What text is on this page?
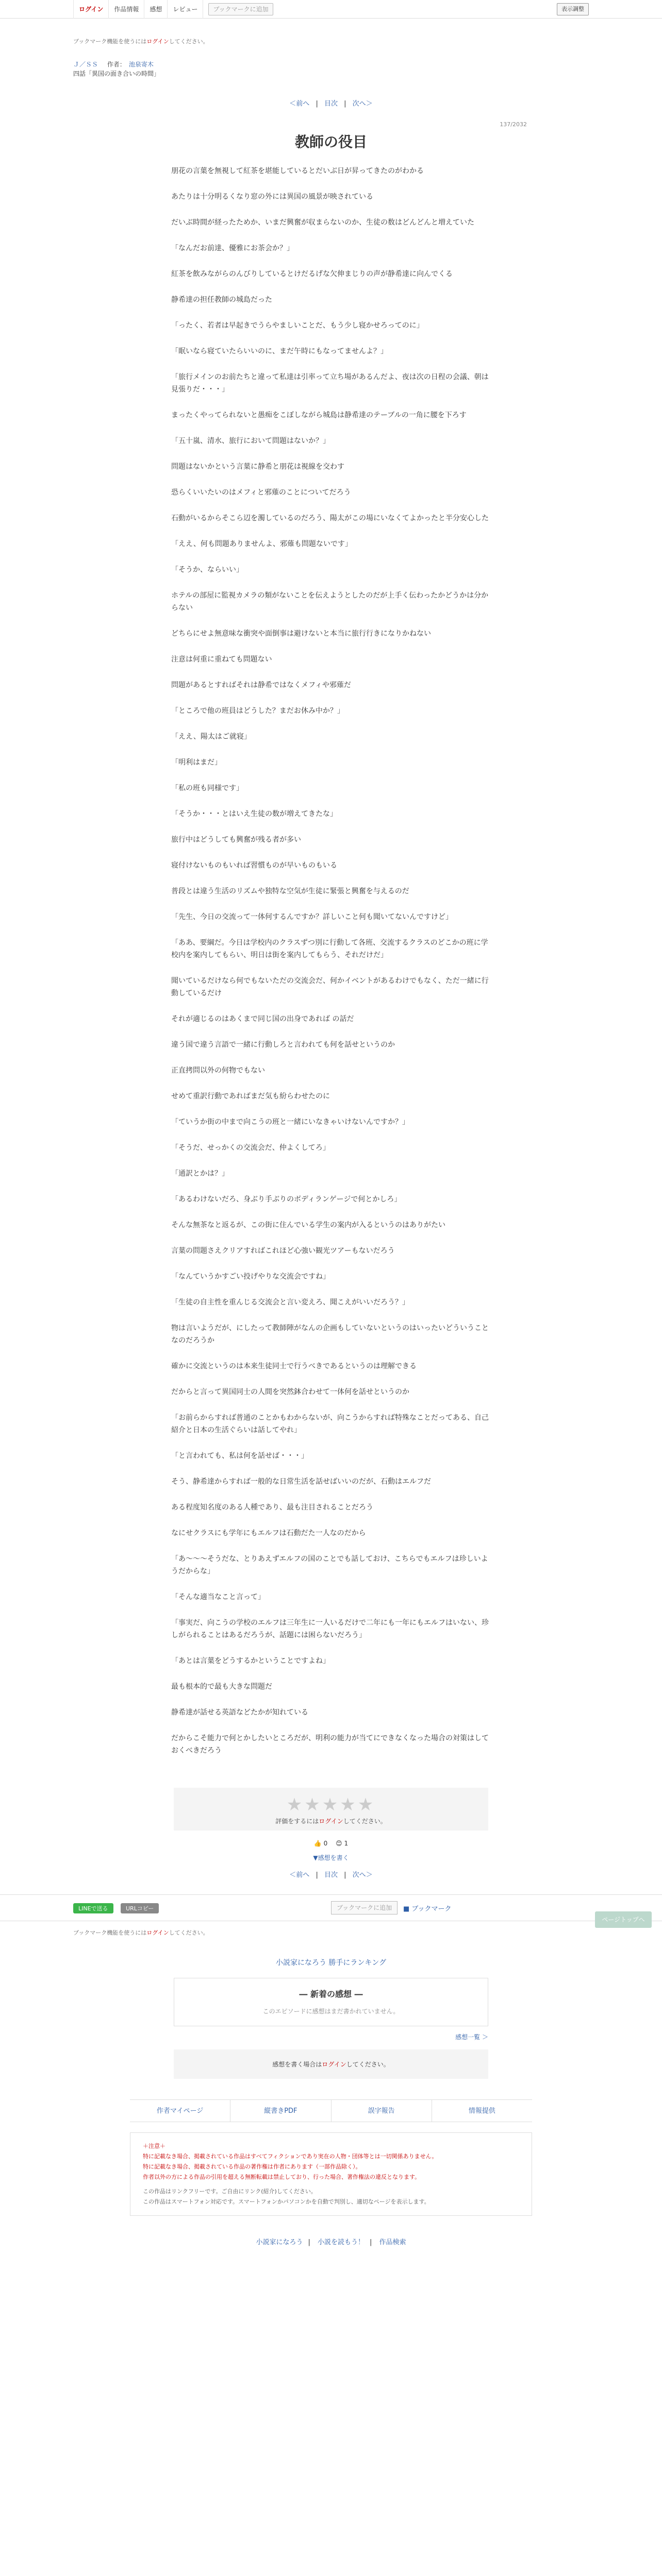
ログイン	作品情報	感想	レビュー	ブックマークに追加	表示調整
ブックマーク機能を使うにはログインしてください。
Ｊ／ＳＳ 作者： 池泉寄木
四話「異国の面き合いの時間」
＜前へ | 目次 | 次へ＞
137/2032
教師の役目

朋花の言葉を無視して紅茶を堪能しているとだいぶ日が昇ってきたのがわかる

あたりは十分明るくなり窓の外には異国の風景が映されている

だいぶ時間が経ったためか、いまだ興奮が収まらないのか、生徒の数はどんどんと増えていた

「なんだお前達、優雅にお茶会か？」

紅茶を飲みながらのんびりしているとけだるげな欠伸まじりの声が静希達に向んでくる

静希達の担任教師の城島だった

「ったく、若者は早起きでうらやましいことだ、もう少し寝かせろってのに」

「眠いなら寝ていたらいいのに、まだ午時にもなってませんよ？」

「旅行メインのお前たちと違って私達は引率って立ち場があるんだよ、夜は次の日程の会議、朝は見張りだ・・・」

まったくやってられないと愚痴をこぼしながら城島は静希達のテーブルの一角に腰を下ろす

「五十嵐、清水、旅行において問題はないか？」

問題はないかという言葉に静希と朋花は視線を交わす

恐らくいいたいのはメフィと邪薙のことについてだろう

石動がいるからそこら辺を濁しているのだろう、陽太がこの場にいなくてよかったと半分安心した

「ええ、何も問題ありませんよ、邪薙も問題ないです」

「そうか、ならいい」

ホテルの部屋に監視カメラの類がないことを伝えようとしたのだが上手く伝わったかどうかは分からない

どちらにせよ無意味な衝突や面倒事は避けないと本当に旅行行きになりかねない

注意は何重に重ねても問題ない

問題があるとすればそれは静希ではなくメフィや邪薙だ

「ところで他の班員はどうした？まだお休み中か？」

「ええ、陽太はご就寝」

「明利はまだ」

「私の班も同様です」

「そうか・・・とはいえ生徒の数が増えてきたな」

旅行中はどうしても興奮が残る者が多い

寝付けないものもいれば習慣ものが早いものもいる

普段とは違う生活のリズムや独特な空気が生徒に緊張と興奮を与えるのだ

「先生、今日の交流って一体何するんですか？詳しいこと何も聞いてないんですけど」

「ああ、要綱だ。今日は学校内のクラスずつ別に行動して各班、交流するクラスのどこかの班に学校内を案内してもらい、明日は街を案内してもらう、それだけだ」

聞いているだけなら何でもないただの交流会だ、何かイベントがあるわけでもなく、ただ一緒に行動しているだけ

それが適じるのはあくまで同じ国の出身であれば の話だ

違う国で違う言語で一緒に行動しろと言われても何を話せというのか

正直拷問以外の何物でもない

せめて重訳行動であればまだ気も紛らわせたのに

「ていうか街の中まで向こうの班と一緒にいなきゃいけないんですか？」

「そうだ、せっかくの交流会だ、仲よくしてろ」

「通訳とかは？」

「あるわけないだろ、身ぶり手ぶりのボディランゲージで何とかしろ」

そんな無茶なと返るが、この街に住んでいる学生の案内が入るというのはありがたい

言葉の問題さえクリアすればこれほど心強い観光ツアーもないだろう

「なんていうかすごい投げやりな交流会ですね」

「生徒の自主性を重んじる交流会と言い変えろ、聞こえがいいだろう？」

物は言いようだが、にしたって教師陣がなんの企画もしていないというのはいったいどういうことなのだろうか

確かに交流というのは本来生徒同士で行うべきであるというのは理解できる

だからと言って異国同士の人間を突然鉢合わせて一体何を話せというのか

「お前らからすれば普通のことかもわからないが、向こうからすれば特殊なことだってある、自己紹介と日本の生活ぐらいは話してやれ」

「と言われても、私は何を話せば・・・」

そう、静希達からすれば一般的な日常生活を話せばいいのだが、石動はエルフだ

ある程度知名度のある人種であり、最も注目されることだろう

なにせクラスにも学年にもエルフは石動だた一人なのだから

「あ～～～そうだな、とりあえずエルフの国のことでも話しておけ、こちらでもエルフは珍しいようだからな」

「そんな適当なこと言って」

「事実だ、向こうの学校のエルフは三年生に一人いるだけで二年にも一年にもエルフはいない、珍しがられることはあるだろうが、話題には困らないだろう」

「あとは言葉をどうするかということですよね」

最も根本的で最も大きな問題だ

静希達が話せる英語などたかが知れている

だからこそ能力で何とかしたいところだが、明利の能力が当てにできなくなった場合の対策はしておくべきだろう

★★★★★
評価をするにはログインしてください。
👍 0 😊 1
▼感想を書く
＜前へ | 目次 | 次へ＞
LINEで送る	URLコピー	ブックマークに追加	■ ブックマーク
ブックマーク機能を使うにはログインしてください。
小説家になろう 勝手にランキング
― 新着の感想 ―
このエピソードに感想はまだ書かれていません。
感想一覧 ＞
感想を書く場合はログインしてください。
作者マイページ	縦書きPDF	誤字報告	情報提供
＋注意＋
特に記載なき場合、掲載されている作品はすべてフィクションであり実在の人物・団体等とは一切関係ありません。
特に記載なき場合、掲載されている作品の著作権は作者にあります（一部作品除く）。
作者以外の方による作品の引用を超える無断転載は禁止しており、行った場合、著作権法の違反となります。
この作品はリンクフリーです。ご自由にリンク(紹介)してください。
この作品はスマートフォン対応です。スマートフォンかパソコンかを自動で判別し、適切なページを表示します。
小説家になろう | 小説を読もう！ | 作品検索
ページトップへ
